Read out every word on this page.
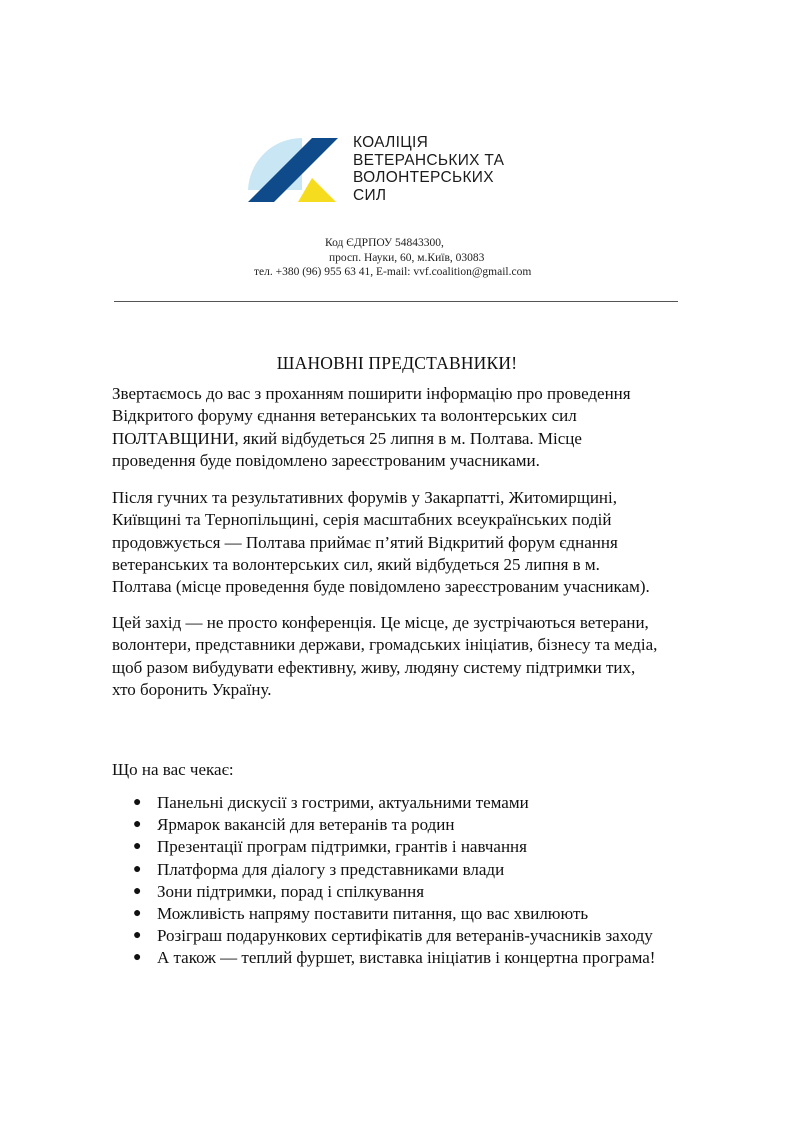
КОАЛІЦІЯ
ВЕТЕРАНСЬКИХ ТА
ВОЛОНТЕРСЬКИХ
СИЛ
Код ЄДРПОУ 54843300,
просп. Науки, 60, м.Київ, 03083
тел. +380 (96) 955 63 41, E-mail: vvf.coalition@gmail.com
ШАНОВНІ ПРЕДСТАВНИКИ!
Звертаємось до вас з проханням поширити інформацію про проведення
Відкритого форуму єднання ветеранських та волонтерських сил
ПОЛТАВЩИНИ, який відбудеться 25 липня в м. Полтава. Місце
проведення буде повідомлено зареєстрованим учасниками.
Після гучних та результативних форумів у Закарпатті, Житомирщині,
Київщині та Тернопільщині, серія масштабних всеукраїнських подій
продовжується — Полтава приймає п’ятий Відкритий форум єднання
ветеранських та волонтерських сил, який відбудеться 25 липня в м.
Полтава (місце проведення буде повідомлено зареєстрованим учасникам).
Цей захід — не просто конференція. Це місце, де зустрічаються ветерани,
волонтери, представники держави, громадських ініціатив, бізнесу та медіа,
щоб разом вибудувати ефективну, живу, людяну систему підтримки тих,
хто боронить Україну.
Що на вас чекає:
● Панельні дискусії з гострими, актуальними темами
● Ярмарок вакансій для ветеранів та родин
● Презентації програм підтримки, грантів і навчання
● Платформа для діалогу з представниками влади
● Зони підтримки, порад і спілкування
● Можливість напряму поставити питання, що вас хвилюють
● Розіграш подарункових сертифікатів для ветеранів-учасників заходу
● А також — теплий фуршет, виставка ініціатив і концертна програма!
